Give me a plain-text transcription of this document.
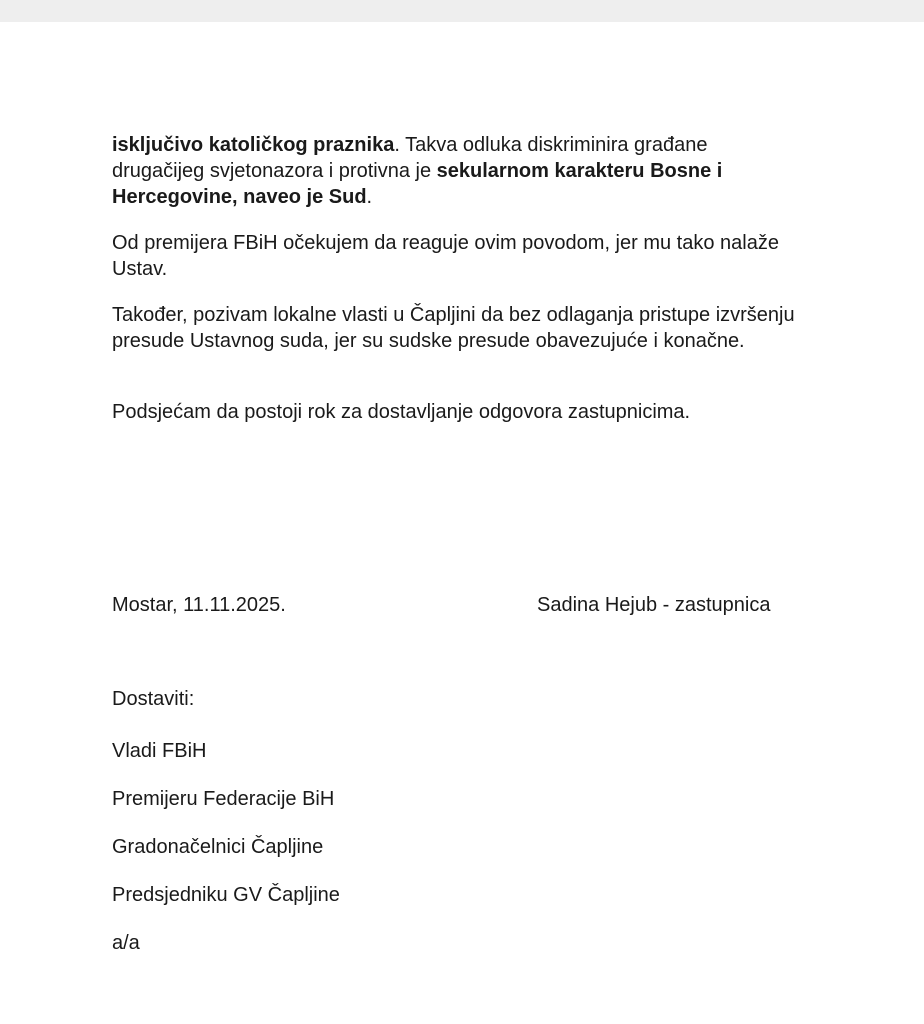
isključivo katoličkog praznika. Takva odluka diskriminira građane drugačijeg svjetonazora i protivna je sekularnom karakteru Bosne i Hercegovine, naveo je Sud.

Od premijera FBiH očekujem da reaguje ovim povodom, jer mu tako nalaže Ustav.

Također, pozivam lokalne vlasti u Čapljini da bez odlaganja pristupe izvršenju presude Ustavnog suda, jer su sudske presude obavezujuće i konačne.

Podsjećam da postoji rok za dostavljanje odgovora zastupnicima.

Mostar, 11.11.2025.	Sadina Hejub - zastupnica

Dostaviti:

Vladi FBiH

Premijeru Federacije BiH

Gradonačelnici Čapljine

Predsjedniku GV Čapljine

a/a
